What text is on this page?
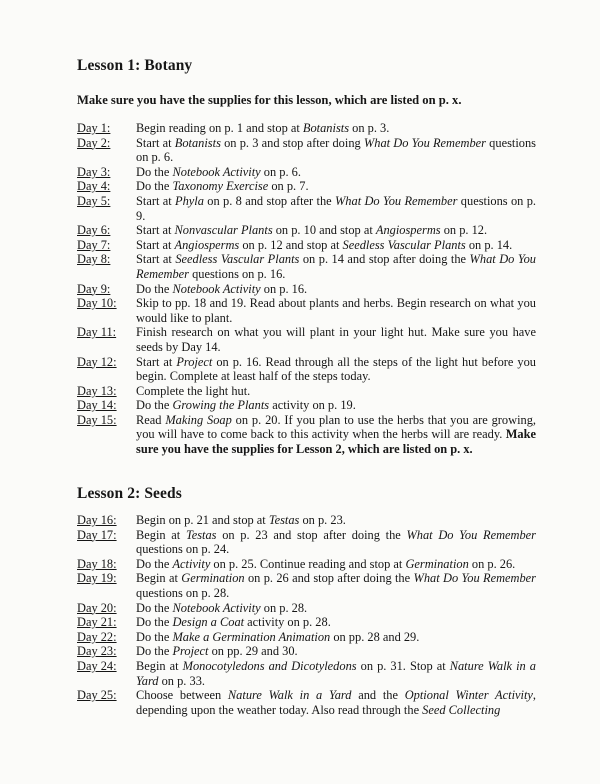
Lesson 1: Botany
Make sure you have the supplies for this lesson, which are listed on p. x.
Day 1:	Begin reading on p. 1 and stop at Botanists on p. 3.
Day 2:	Start at Botanists on p. 3 and stop after doing What Do You Remember questions on p. 6.
Day 3:	Do the Notebook Activity on p. 6.
Day 4:	Do the Taxonomy Exercise on p. 7.
Day 5:	Start at Phyla on p. 8 and stop after the What Do You Remember questions on p. 9.
Day 6:	Start at Nonvascular Plants on p. 10 and stop at Angiosperms on p. 12.
Day 7:	Start at Angiosperms on p. 12 and stop at Seedless Vascular Plants on p. 14.
Day 8:	Start at Seedless Vascular Plants on p. 14 and stop after doing the What Do You Remember questions on p. 16.
Day 9:	Do the Notebook Activity on p. 16.
Day 10:	Skip to pp. 18 and 19. Read about plants and herbs. Begin research on what you would like to plant.
Day 11:	Finish research on what you will plant in your light hut. Make sure you have seeds by Day 14.
Day 12:	Start at Project on p. 16. Read through all the steps of the light hut before you begin. Complete at least half of the steps today.
Day 13:	Complete the light hut.
Day 14:	Do the Growing the Plants activity on p. 19.
Day 15:	Read Making Soap on p. 20. If you plan to use the herbs that you are growing, you will have to come back to this activity when the herbs will are ready. Make sure you have the supplies for Lesson 2, which are listed on p. x.
Lesson 2: Seeds
Day 16:	Begin on p. 21 and stop at Testas on p. 23.
Day 17:	Begin at Testas on p. 23 and stop after doing the What Do You Remember questions on p. 24.
Day 18:	Do the Activity on p. 25. Continue reading and stop at Germination on p. 26.
Day 19:	Begin at Germination on p. 26 and stop after doing the What Do You Remember questions on p. 28.
Day 20:	Do the Notebook Activity on p. 28.
Day 21:	Do the Design a Coat activity on p. 28.
Day 22:	Do the Make a Germination Animation on pp. 28 and 29.
Day 23:	Do the Project on pp. 29 and 30.
Day 24:	Begin at Monocotyledons and Dicotyledons on p. 31. Stop at Nature Walk in a Yard on p. 33.
Day 25:	Choose between Nature Walk in a Yard and the Optional Winter Activity, depending upon the weather today. Also read through the Seed Collecting
